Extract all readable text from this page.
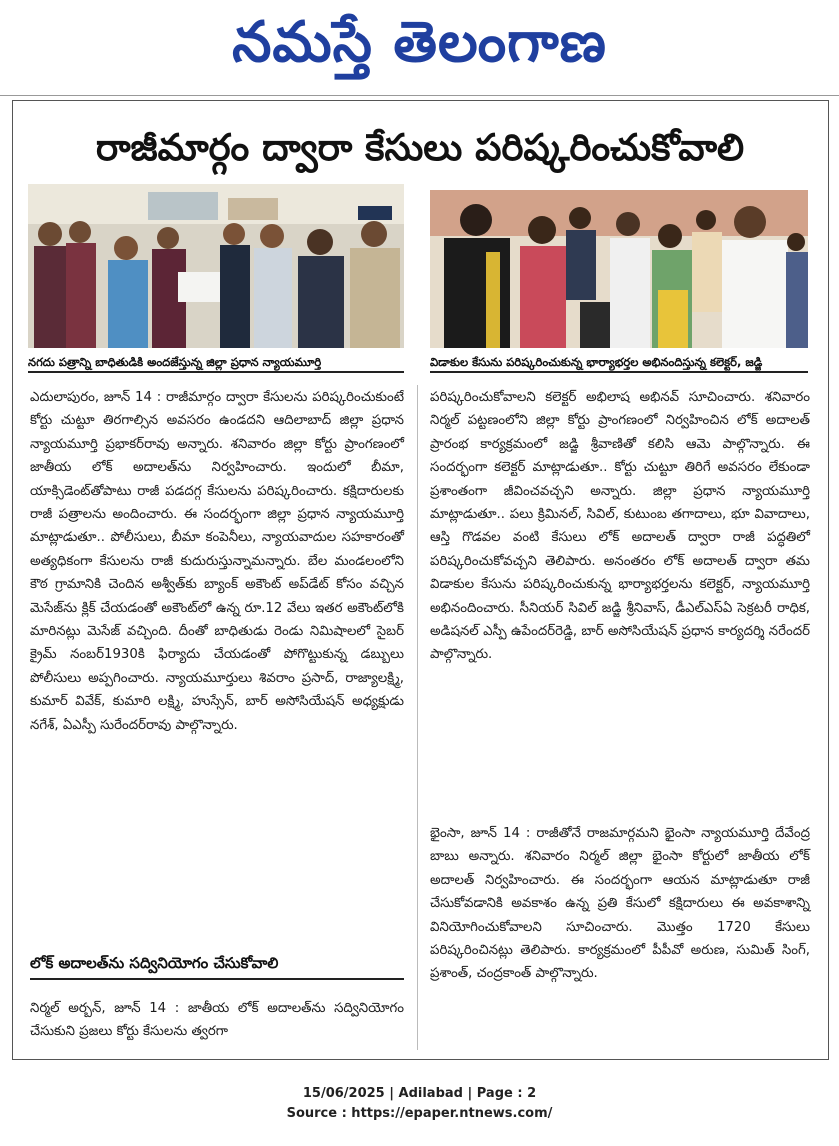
నమస్తే తెలంగాణ
రాజీమార్గం ద్వారా కేసులు పరిష్కరించుకోవాలి
నగదు పత్రాన్ని బాధితుడికి అందజేస్తున్న జిల్లా ప్రధాన న్యాయమూర్తి	విడాకుల కేసును పరిష్కరించుకున్న భార్యాభర్తల అభినందిస్తున్న కలెక్టర్, జడ్జి

ఎదులాపురం, జూన్ 14 : రాజీమార్గం ద్వారా కేసులను పరిష్కరించుకుంటే కోర్టు చుట్టూ తిరగాల్సిన అవసరం ఉండదని ఆదిలాబాద్ జిల్లా ప్రధాన న్యాయమూర్తి ప్రభాకర్‌రావు అన్నారు. శనివారం జిల్లా కోర్టు ప్రాంగణంలో జాతీయ లోక్ అదాలత్‌ను నిర్వహించారు. ఇందులో బీమా, యాక్సిడెంట్‌తోపాటు రాజీ పడదగ్గ కేసులను పరిష్కరించారు. కక్షిదారులకు రాజీ పత్రాలను అందించారు. ఈ సందర్భంగా జిల్లా ప్రధాన న్యాయమూర్తి మాట్లాడుతూ.. పోలీసులు, బీమా కంపెనీలు, న్యాయవాదుల సహకారంతో అత్యధికంగా కేసులను రాజీ కుదురుస్తున్నామన్నారు. బేల మండలంలోని కౌఠ గ్రామానికి చెందిన అశ్వీత్‌కు బ్యాంక్ అకౌంట్ అప్‌డేట్ కోసం వచ్చిన మెసేజ్‌ను క్లిక్ చేయడంతో అకౌంట్‌లో ఉన్న రూ.12 వేలు ఇతర అకౌంట్‌లోకి మారినట్లు మెసేజ్ వచ్చింది. దీంతో బాధితుడు రెండు నిమిషాలలో సైబర్ క్రైమ్ నంబర్1930కి ఫిర్యాదు చేయడంతో పోగొట్టుకున్న డబ్బులు పోలీసులు అప్పగించారు. న్యాయమూర్తులు శివరాం ప్రసాద్, రాజ్యాలక్ష్మి, కుమార్ వివేక్, కుమారి లక్ష్మి, హుస్సేన్, బార్ అసోసియేషన్ అధ్యక్షుడు నగేశ్, ఏఎస్పీ సురేందర్‌రావు పాల్గొన్నారు.

లోక్ అదాలత్‌ను సద్వినియోగం చేసుకోవాలి

నిర్మల్ అర్బన్, జూన్ 14 : జాతీయ లోక్ అదాలత్‌ను సద్వినియోగం చేసుకుని ప్రజలు కోర్టు కేసులను త్వరగా

పరిష్కరించుకోవాలని కలెక్టర్ అభిలాష అభినవ్ సూచించారు. శనివారం నిర్మల్ పట్టణంలోని జిల్లా కోర్టు ప్రాంగణంలో నిర్వహించిన లోక్ అదాలత్ ప్రారంభ కార్యక్రమంలో జడ్జి శ్రీవాణితో కలిసి ఆమె పాల్గొన్నారు. ఈ సందర్భంగా కలెక్టర్ మాట్లాడుతూ.. కోర్టు చుట్టూ తిరిగే అవసరం లేకుండా ప్రశాంతంగా జీవించవచ్చని అన్నారు. జిల్లా ప్రధాన న్యాయమూర్తి మాట్లాడుతూ.. పలు క్రిమినల్, సివిల్, కుటుంబ తగాదాలు, భూ వివాదాలు, ఆస్తి గొడవల వంటి కేసులు లోక్ అదాలత్ ద్వారా రాజీ పద్ధతిలో పరిష్కరించుకోవచ్చని తెలిపారు. అనంతరం లోక్ అదాలత్ ద్వారా తమ విడాకుల కేసును పరిష్కరించుకున్న భార్యాభర్తలను కలెక్టర్, న్యాయమూర్తి అభినందించారు. సీనియర్ సివిల్ జడ్జి శ్రీనివాస్, డీఎల్‌ఎస్‌ఏ సెక్రటరీ రాధిక, అడిషనల్ ఎస్పీ ఉపేందర్‌రెడ్డి, బార్ అసోసియేషన్ ప్రధాన కార్యదర్శి నరేందర్ పాల్గొన్నారు.

భైంసా, జూన్ 14 : రాజీతోనే రాజమార్గమని భైంసా న్యాయమూర్తి దేవేంద్ర బాబు అన్నారు. శనివారం నిర్మల్ జిల్లా భైంసా కోర్టులో జాతీయ లోక్ అదాలత్ నిర్వహించారు. ఈ సందర్భంగా ఆయన మాట్లాడుతూ రాజీ చేసుకోవడానికి అవకాశం ఉన్న ప్రతి కేసులో కక్షిదారులు ఈ అవకాశాన్ని వినియోగించుకోవాలని సూచించారు. మొత్తం 1720 కేసులు పరిష్కరించినట్లు తెలిపారు. కార్యక్రమంలో పీపీవో అరుణ, సుమిత్ సింగ్, ప్రశాంత్, చంద్రకాంత్ పాల్గొన్నారు.

15/06/2025 | Adilabad | Page : 2
Source : https://epaper.ntnews.com/
